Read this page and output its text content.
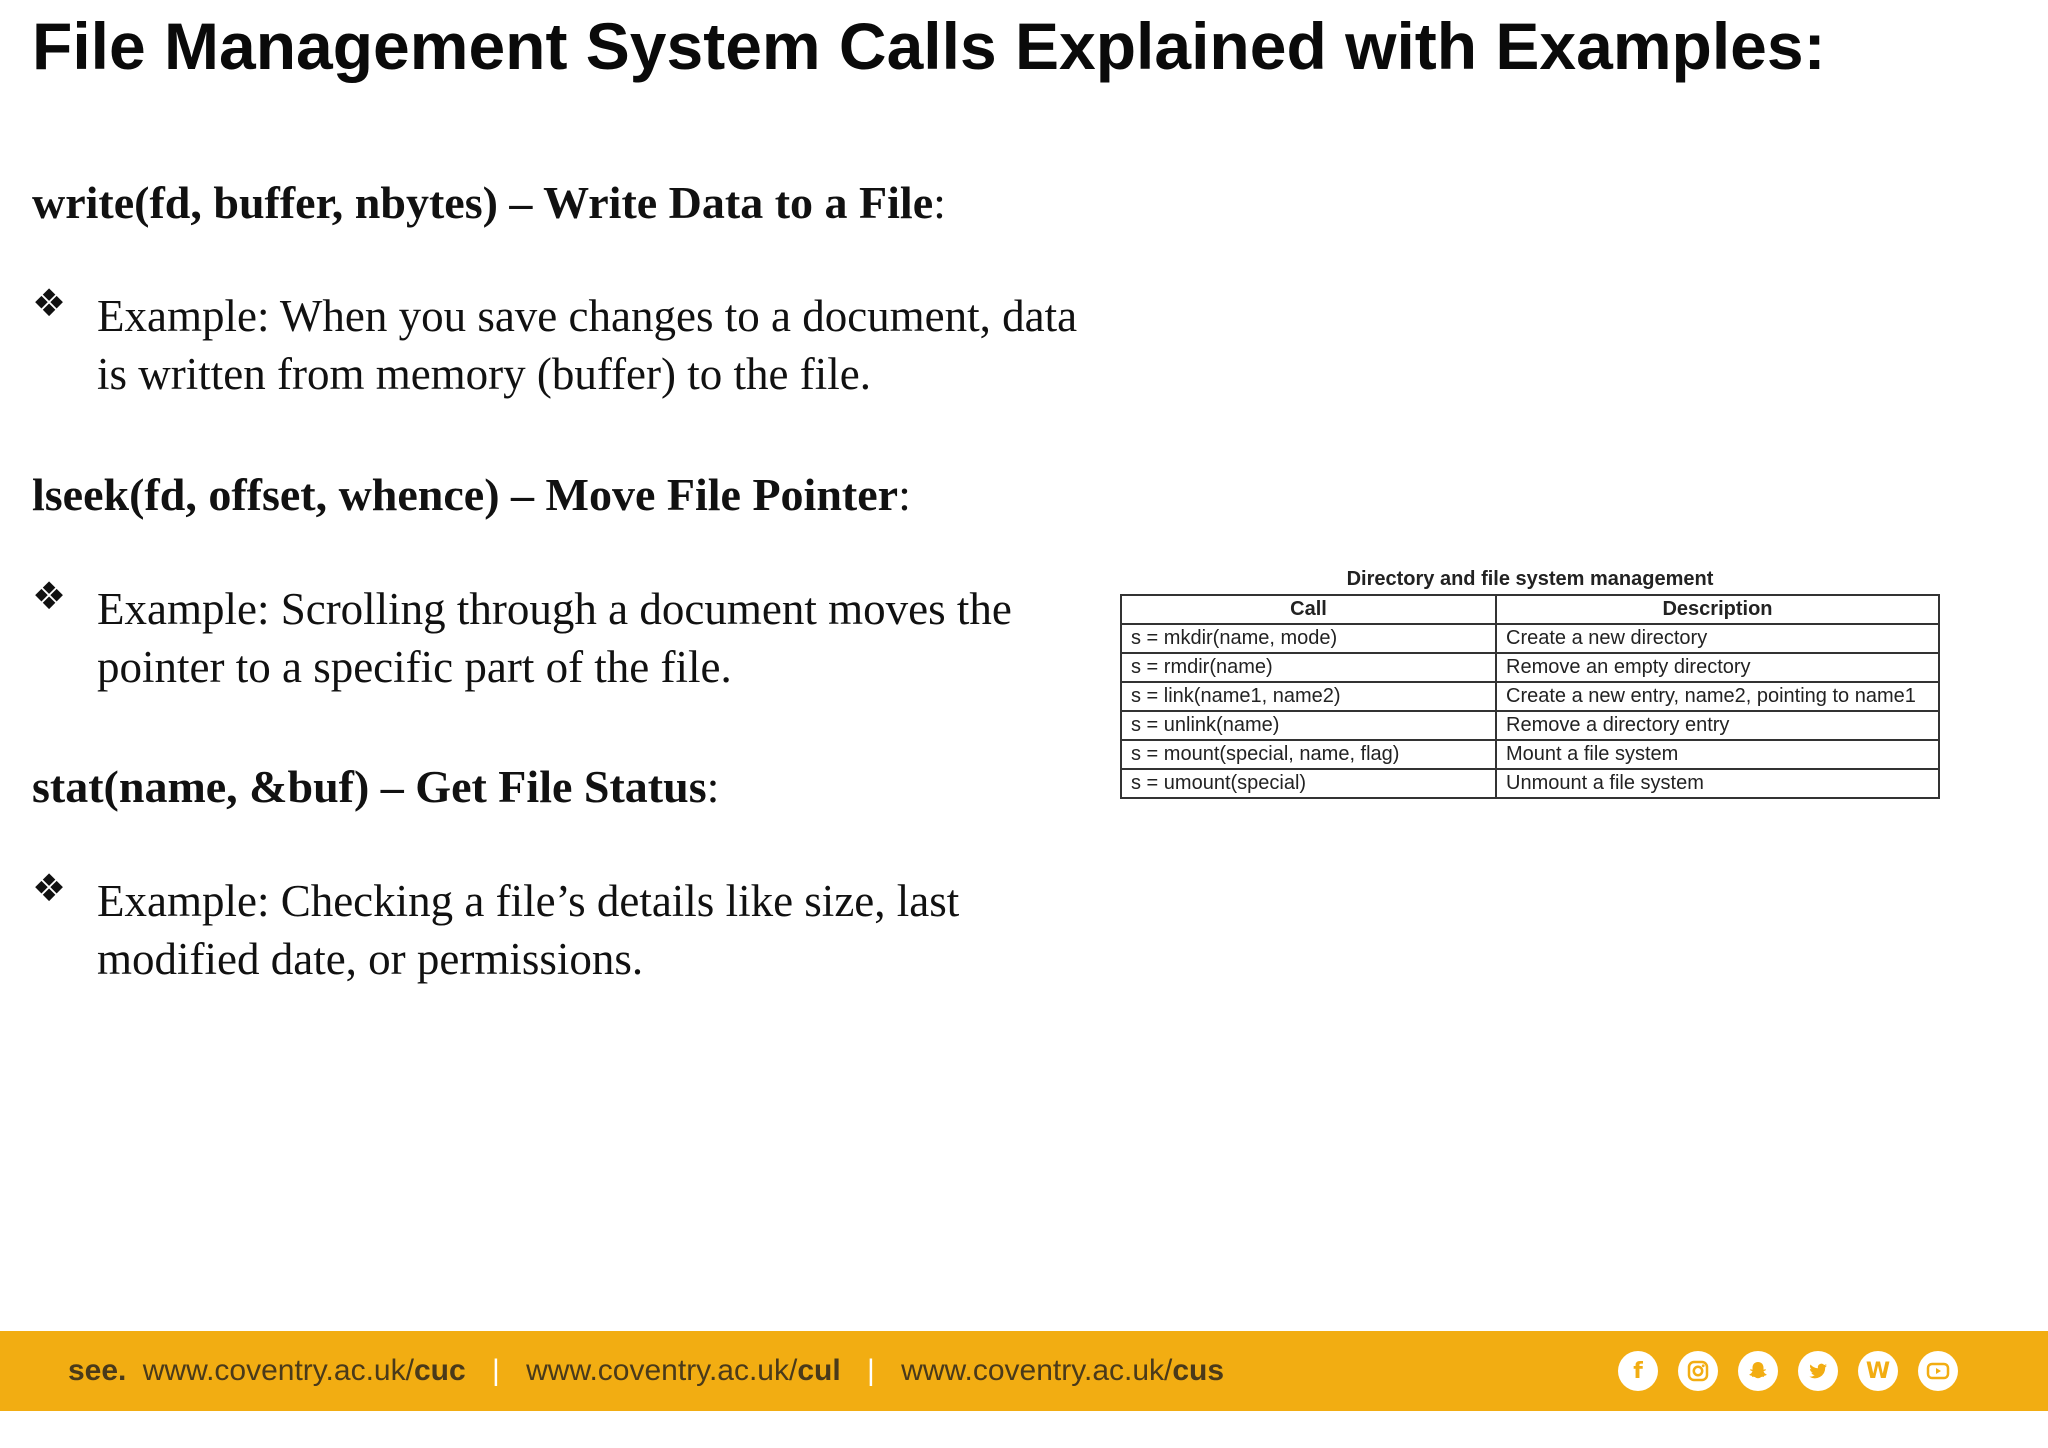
File Management System Calls Explained with Examples:
write(fd, buffer, nbytes) – Write Data to a File:
❖ Example: When you save changes to a document, data is written from memory (buffer) to the file.
lseek(fd, offset, whence) – Move File Pointer:
❖ Example: Scrolling through a document moves the pointer to a specific part of the file.
stat(name, &buf) – Get File Status:
❖ Example: Checking a file’s details like size, last modified date, or permissions.
Directory and file system management
Call	Description
s = mkdir(name, mode)	Create a new directory
s = rmdir(name)	Remove an empty directory
s = link(name1, name2)	Create a new entry, name2, pointing to name1
s = unlink(name)	Remove a directory entry
s = mount(special, name, flag)	Mount a file system
s = umount(special)	Unmount a file system
see. www.coventry.ac.uk/cuc | www.coventry.ac.uk/cul | www.coventry.ac.uk/cus	f	W
